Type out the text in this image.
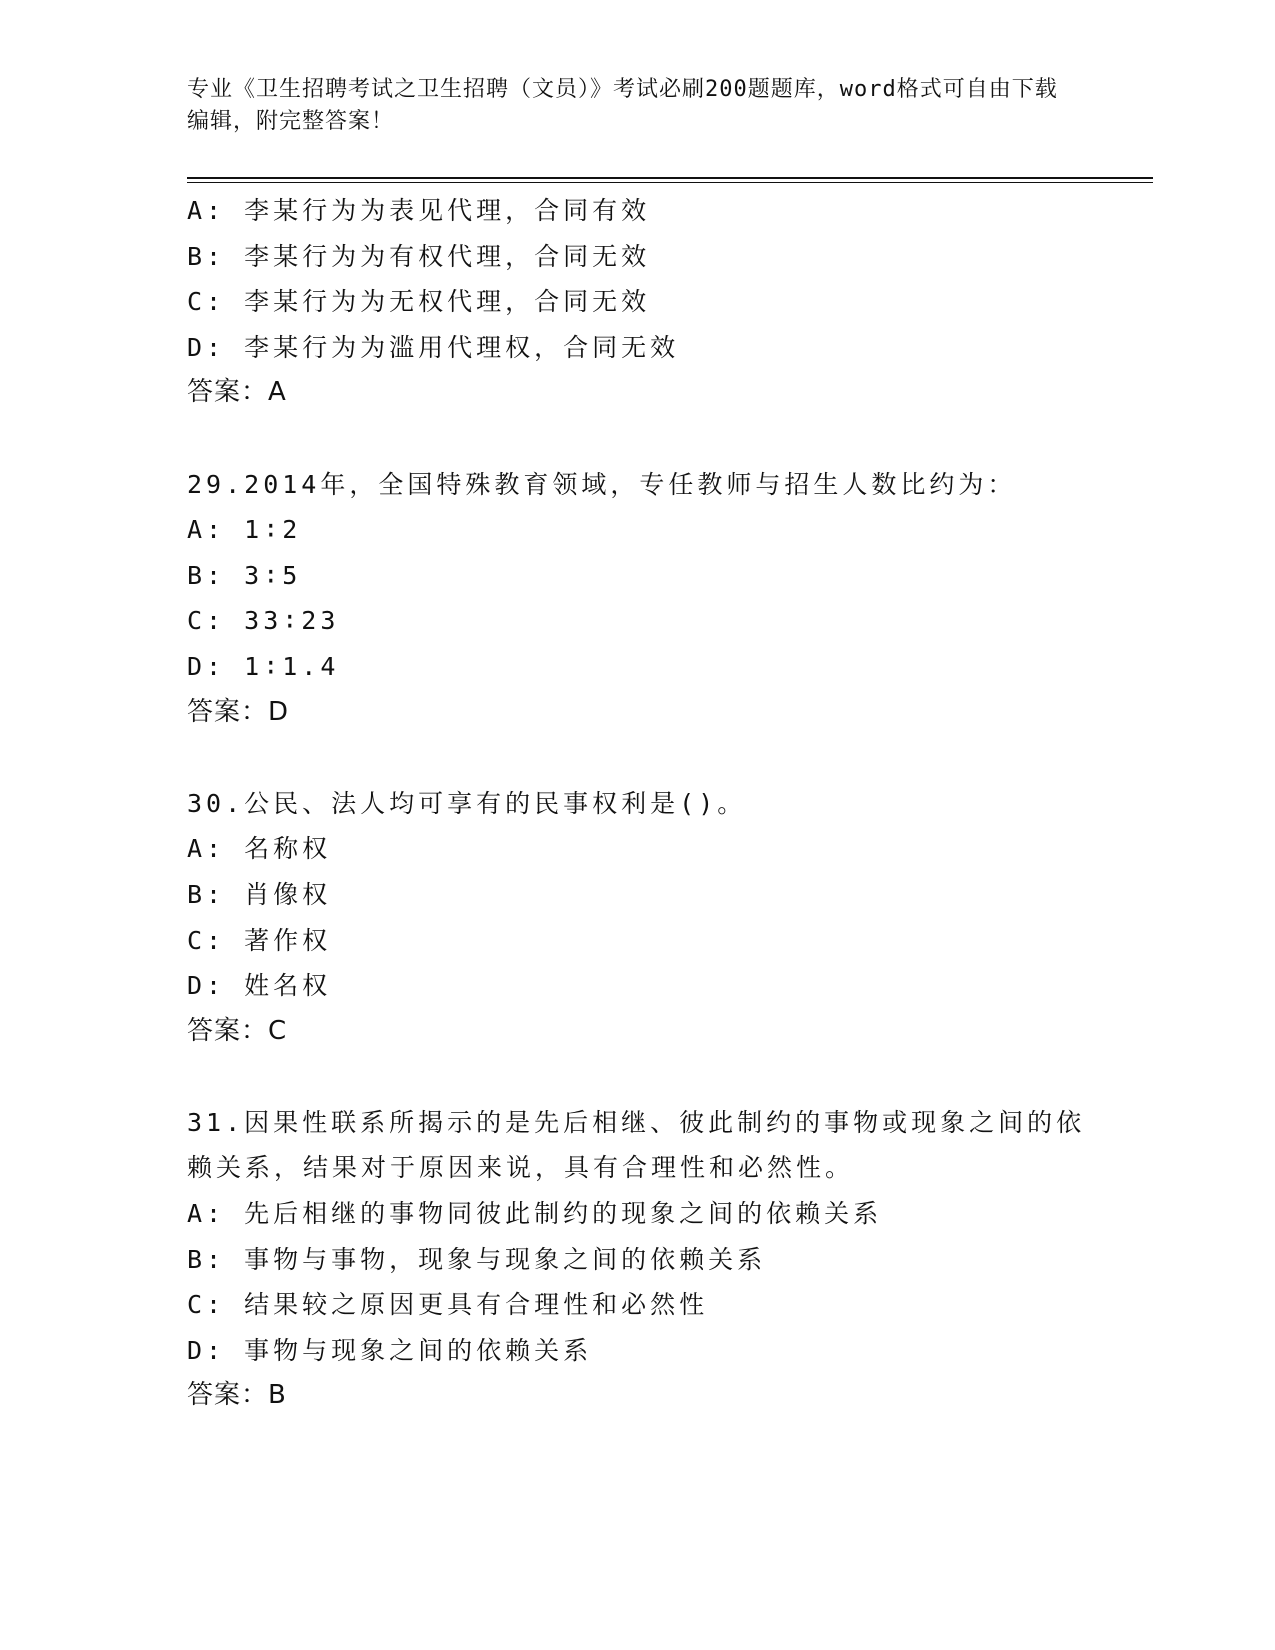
专业《卫生招聘考试之卫生招聘（文员）》考试必刷200题题库，word格式可自由下载编辑，附完整答案！
A: 李某行为为表见代理，合同有效
B: 李某行为为有权代理，合同无效
C: 李某行为为无权代理，合同无效
D: 李某行为为滥用代理权，合同无效
答案：A
29.2014年，全国特殊教育领域，专任教师与招生人数比约为：
A: 1∶2
B: 3∶5
C: 33∶23
D: 1∶1.4
答案：D
30.公民、法人均可享有的民事权利是()。
A: 名称权
B: 肖像权
C: 著作权
D: 姓名权
答案：C
31.因果性联系所揭示的是先后相继、彼此制约的事物或现象之间的依赖关系，结果对于原因来说，具有合理性和必然性。
A: 先后相继的事物同彼此制约的现象之间的依赖关系
B: 事物与事物，现象与现象之间的依赖关系
C: 结果较之原因更具有合理性和必然性
D: 事物与现象之间的依赖关系
答案：B
